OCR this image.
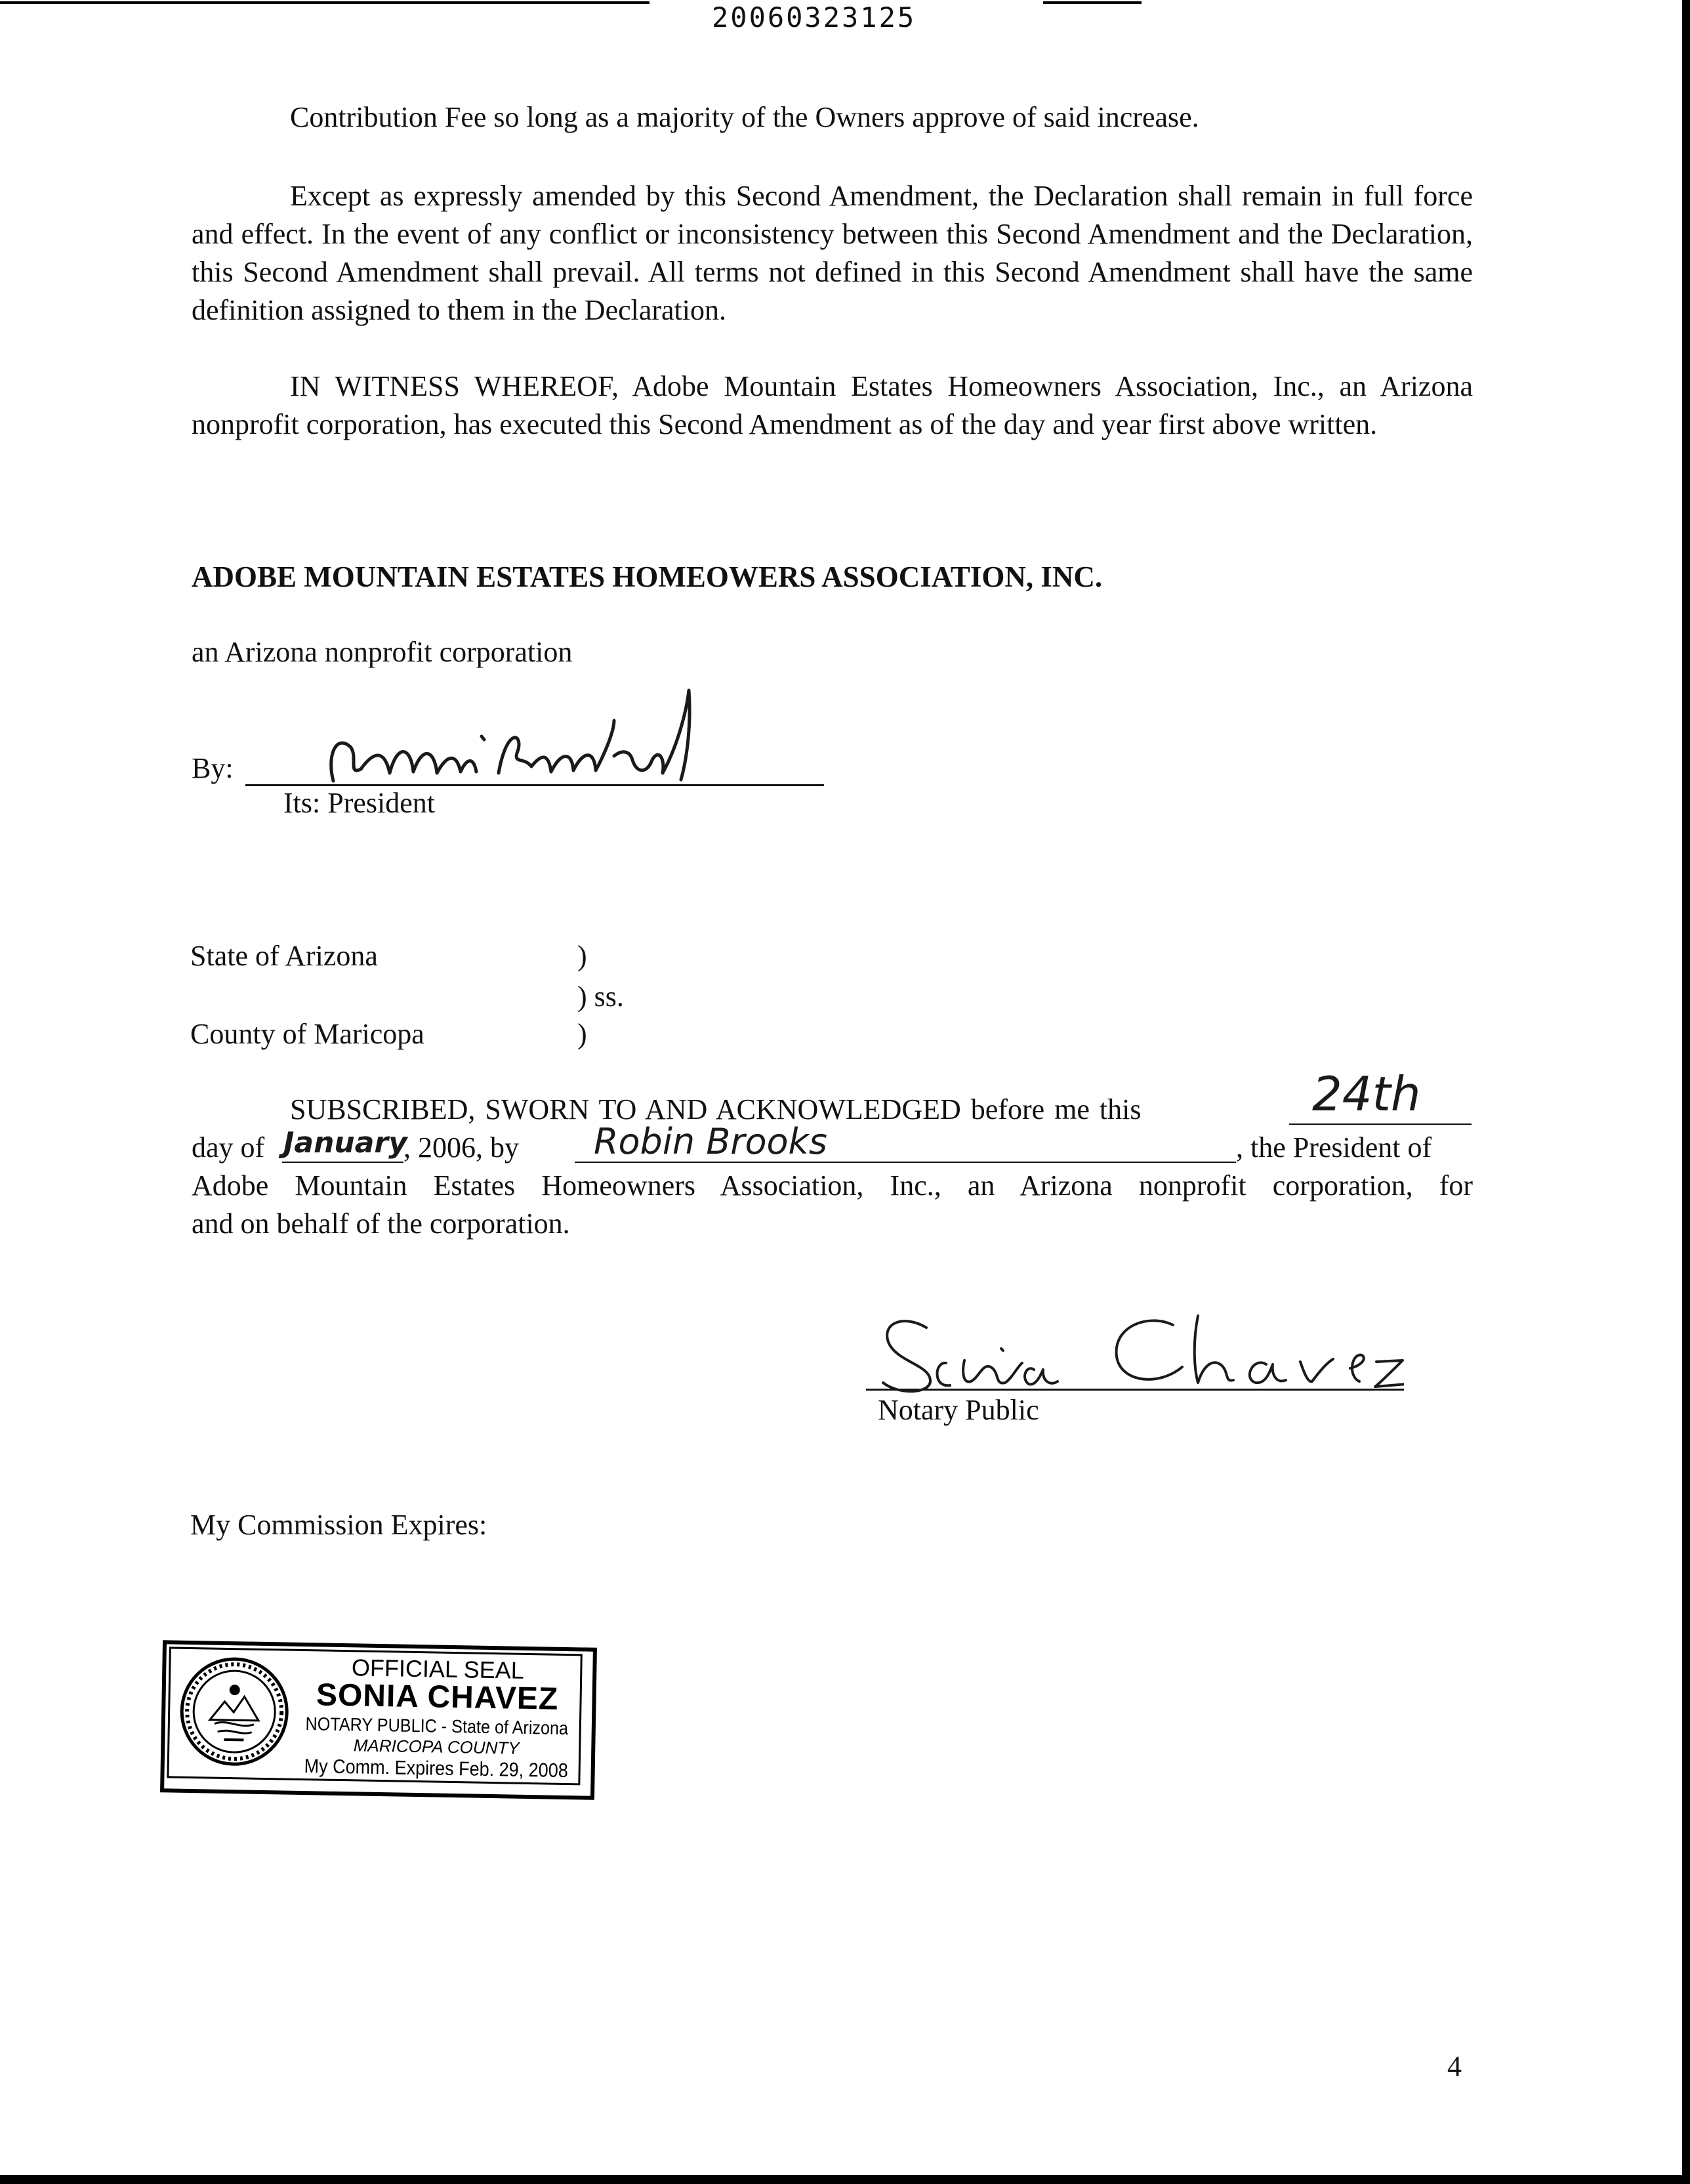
20060323125
Contribution Fee so long as a majority of the Owners approve of said increase.
Except as expressly amended by this Second Amendment, the Declaration shall remain in full force and effect. In the event of any conflict or inconsistency between this Second Amendment and the Declaration, this Second Amendment shall prevail. All terms not defined in this Second Amendment shall have the same definition assigned to them in the Declaration.
IN WITNESS WHEREOF, Adobe Mountain Estates Homeowners Association, Inc., an Arizona nonprofit corporation, has executed this Second Amendment as of the day and year first above written.
ADOBE MOUNTAIN ESTATES HOMEOWERS ASSOCIATION, INC.
an Arizona nonprofit corporation
By:
Its: President
State of Arizona	)
) ss.
County of Maricopa	)
SUBSCRIBED, SWORN TO AND ACKNOWLEDGED before me this	24th
day of January
, 2006, by Robin Brooks	, the President of
Adobe Mountain Estates Homeowners Association, Inc., an Arizona nonprofit corporation, for
and on behalf of the corporation.
Notary Public
My Commission Expires:
OFFICIAL SEAL
SONIA CHAVEZ
NOTARY PUBLIC - State of Arizona
MARICOPA COUNTY
My Comm. Expires Feb. 29, 2008
4
